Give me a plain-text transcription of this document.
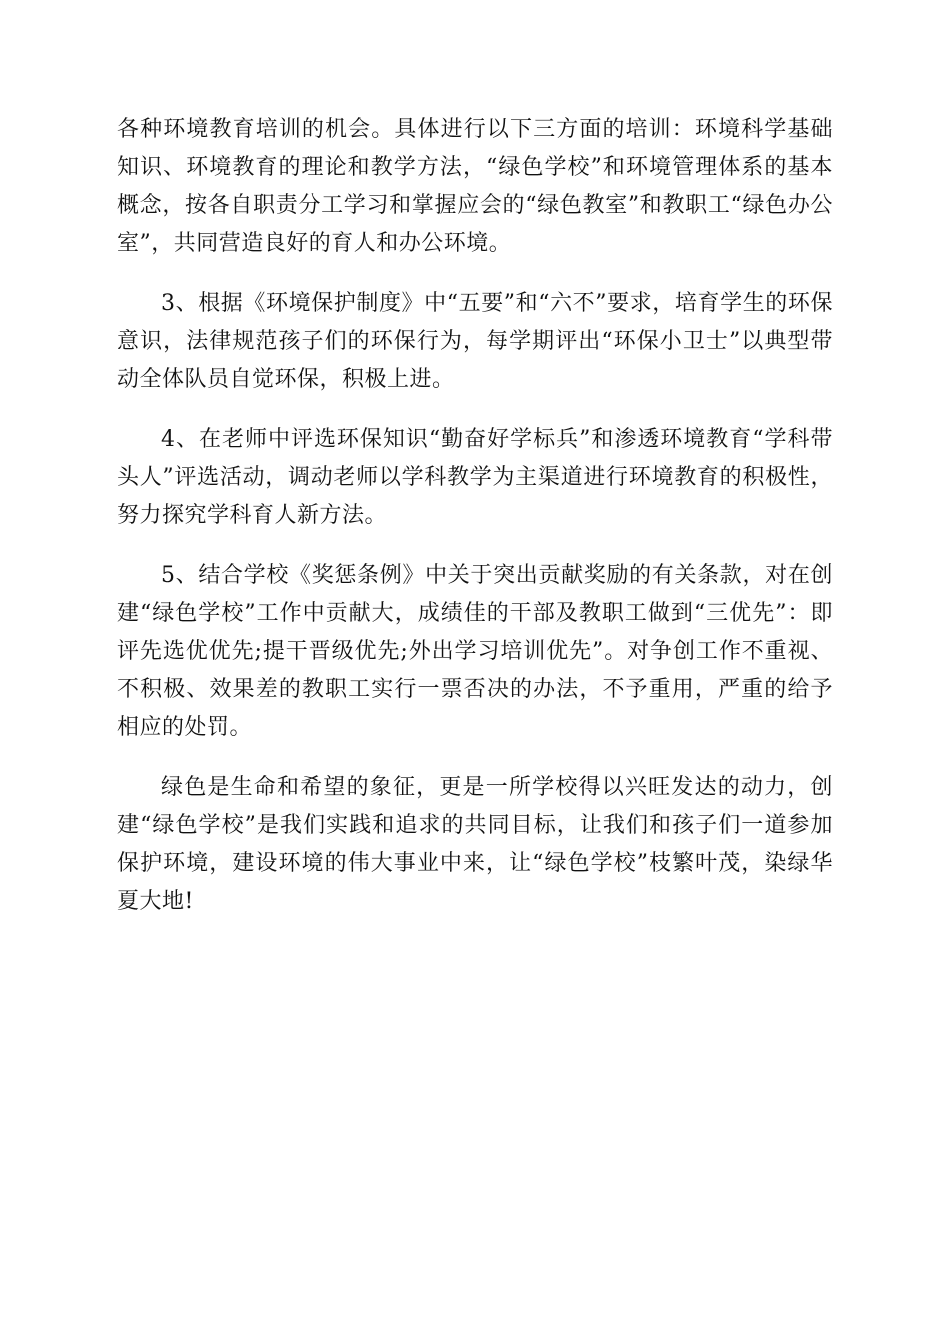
各种环境教育培训的机会。具体进行以下三方面的培训：环境科学基础知识、环境教育的理论和教学方法，“绿色学校”和环境管理体系的基本概念，按各自职责分工学习和掌握应会的“绿色教室”和教职工“绿色办公室”，共同营造良好的育人和办公环境。

3、根据《环境保护制度》中“五要”和“六不”要求，培育学生的环保意识，法律规范孩子们的环保行为，每学期评出“环保小卫士”以典型带动全体队员自觉环保，积极上进。

4、在老师中评选环保知识“勤奋好学标兵”和渗透环境教育“学科带头人”评选活动，调动老师以学科教学为主渠道进行环境教育的积极性，努力探究学科育人新方法。

5、结合学校《奖惩条例》中关于突出贡献奖励的有关条款，对在创建“绿色学校”工作中贡献大，成绩佳的干部及教职工做到“三优先”：即评先选优优先;提干晋级优先;外出学习培训优先”。对争创工作不重视、不积极、效果差的教职工实行一票否决的办法，不予重用，严重的给予相应的处罚。

绿色是生命和希望的象征，更是一所学校得以兴旺发达的动力，创建“绿色学校”是我们实践和追求的共同目标，让我们和孩子们一道参加保护环境，建设环境的伟大事业中来，让“绿色学校”枝繁叶茂，染绿华夏大地!
